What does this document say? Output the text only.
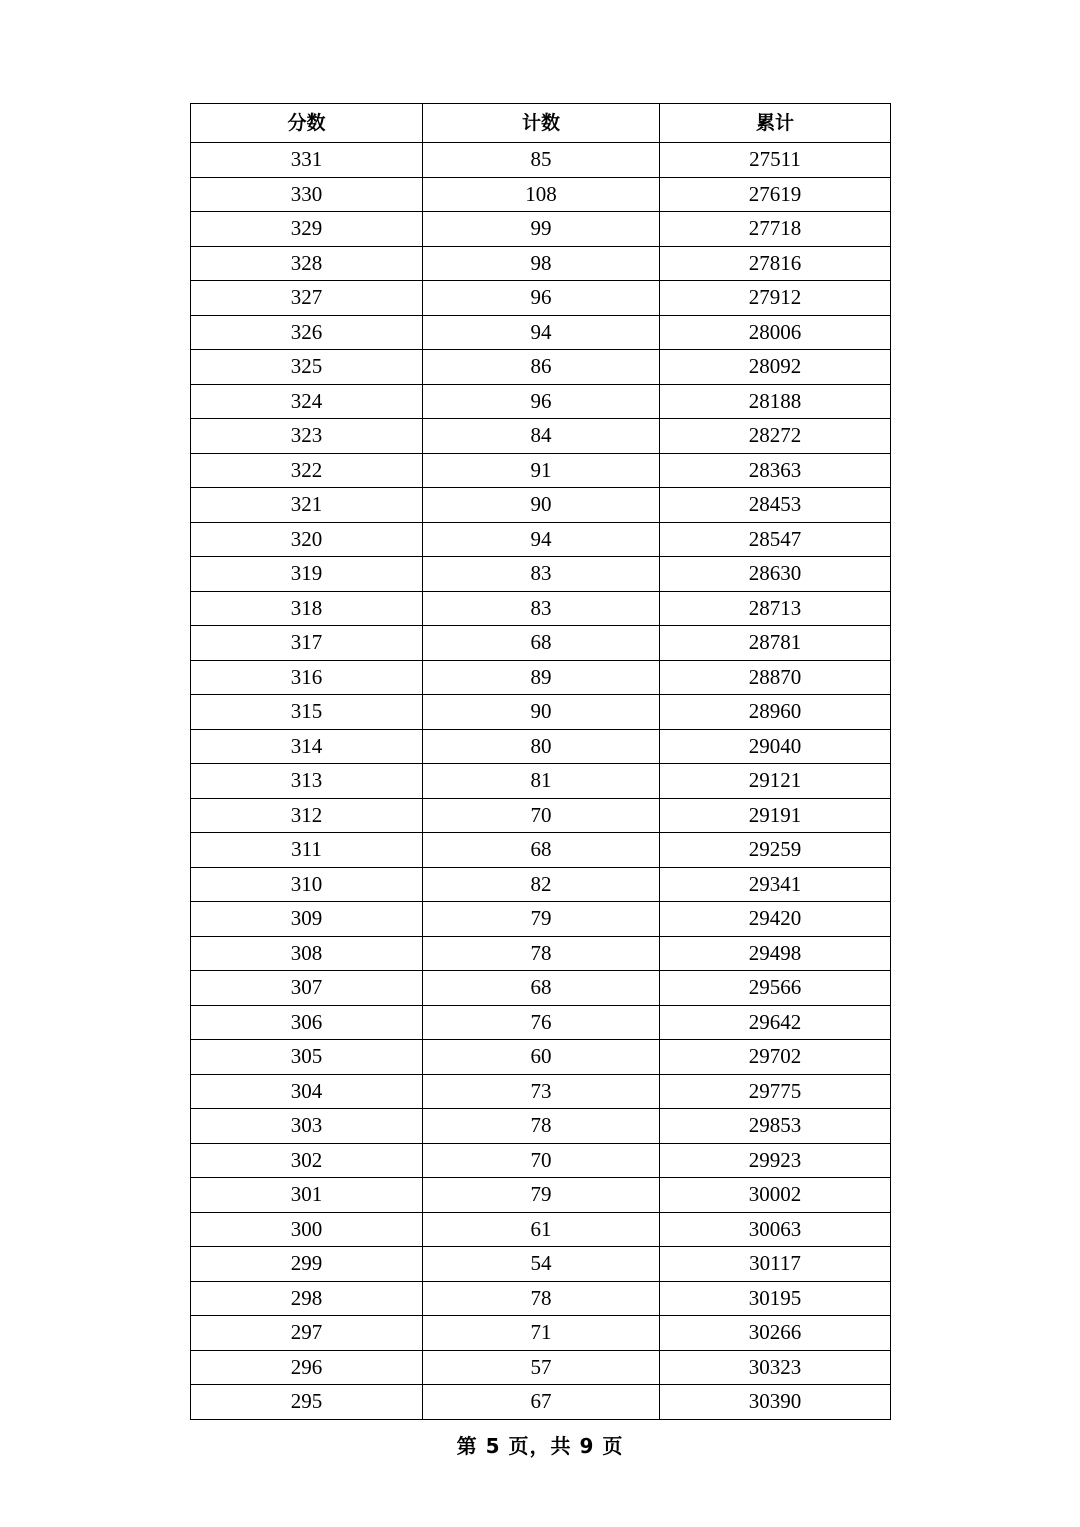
分数	计数	累计
331	85	27511
330	108	27619
329	99	27718
328	98	27816
327	96	27912
326	94	28006
325	86	28092
324	96	28188
323	84	28272
322	91	28363
321	90	28453
320	94	28547
319	83	28630
318	83	28713
317	68	28781
316	89	28870
315	90	28960
314	80	29040
313	81	29121
312	70	29191
311	68	29259
310	82	29341
309	79	29420
308	78	29498
307	68	29566
306	76	29642
305	60	29702
304	73	29775
303	78	29853
302	70	29923
301	79	30002
300	61	30063
299	54	30117
298	78	30195
297	71	30266
296	57	30323
295	67	30390
第 5 页，共 9 页
